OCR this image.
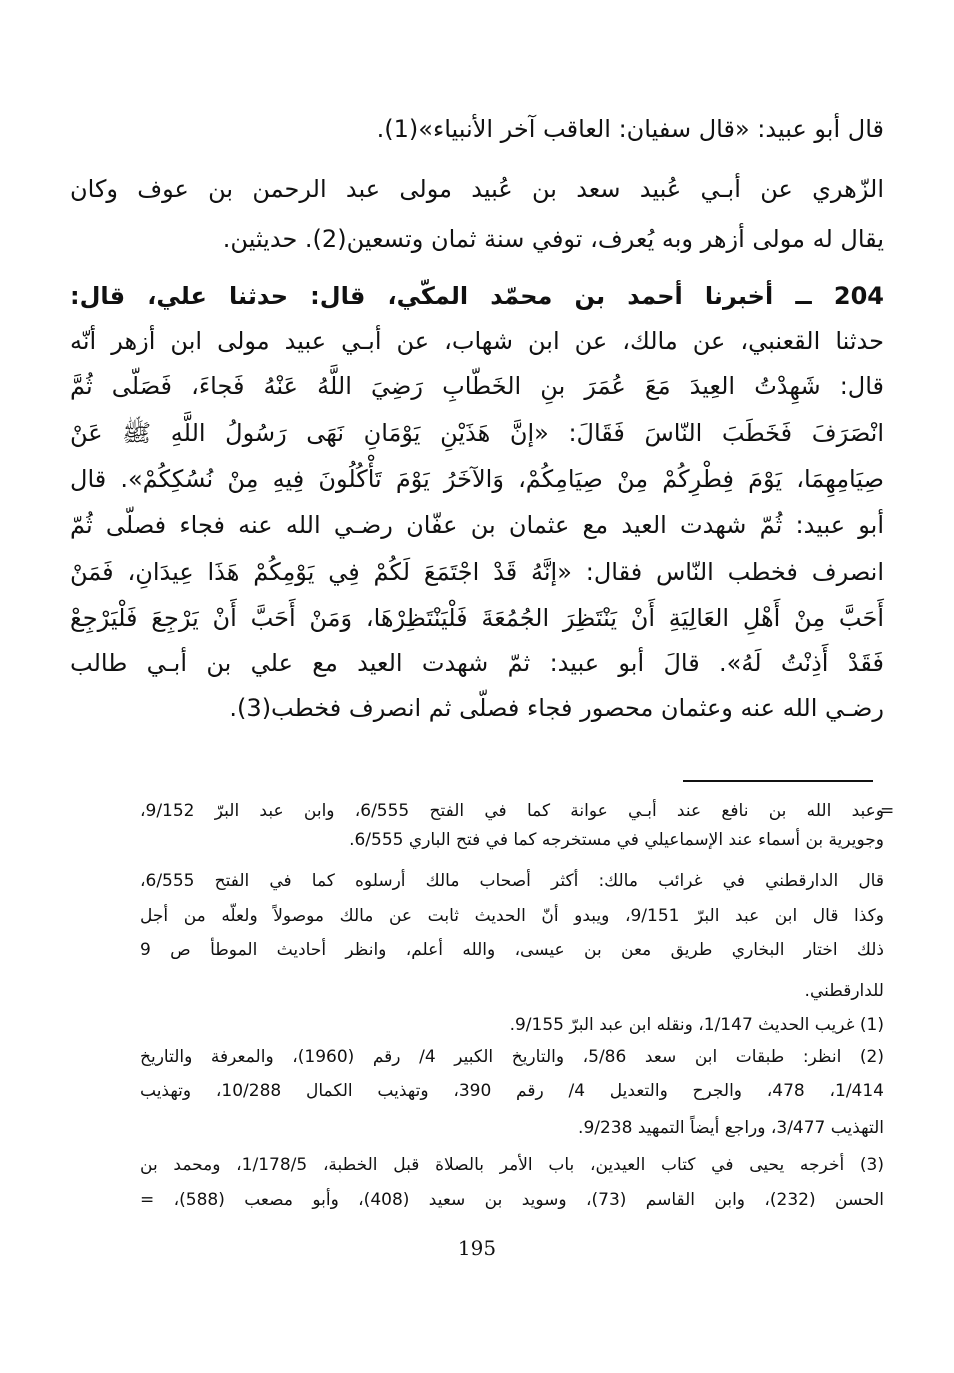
قال أبو عبيد: «قال سفيان: العاقب آخر الأنبياء»(1).
الزّهري عن أبـي عُبيد سعد بن عُبيد مولى عبد الرحمن بن عوف وكان
يقال له مولى أزهر وبه يُعرف، توفي سنة ثمان وتسعين(2). حديثين.
204 ــ أخبرنا أحمد بن محمّد المكّي، قال: حدثنا علي، قال:
حدثنا القعنبي، عن مالك، عن ابن شهاب، عن أبـي عبيد مولى ابن أزهر أنّه
قال: شَهِدْتُ العِيدَ مَعَ عُمَرَ بنِ الخَطّابِ رَضِيَ اللَّهُ عَنْهُ فَجاءَ، فَصَلّى ثُمَّ
انْصَرَفَ فَخَطَبَ النّاسَ فَقَالَ: «إنَّ هَذَيْنِ يَوْمَانِ نَهَى رَسُولُ اللَّهِ ﷺ عَنْ
صِيَامِهِمَا، يَوْمَ فِطْرِكُمْ مِنْ صِيَامِكُمْ، وَالآخَرُ يَوْمَ تَأْكُلُونَ فِيهِ مِنْ نُسُكِكُمْ». قال
أبو عبيد: ثُمّ شهدت العيد مع عثمان بن عفّان رضـي الله عنه فجاء فصلّى ثُمّ
انصرف فخطب النّاس فقال: «إنَّهُ قَدْ اجْتَمَعَ لَكُمْ فِي يَوْمِكُمْ هَذَا عِيدَانِ، فَمَنْ
أَحَبَّ مِنْ أَهْلِ العَالِيَةِ أَنْ يَنْتَظِرَ الجُمُعَةَ فَلْيَنْتَظِرْهَا، وَمَنْ أَحَبَّ أَنْ يَرْجِعَ فَلْيَرْجِعْ
فَقَدْ أَذِنْتُ لَهُ». قالَ أبو عبيد: ثمّ شهدت العيد مع علي بن أبـي طالب
رضـي الله عنه وعثمان محصور فجاء فصلّى ثم انصرف فخطب(3).
=
وعبد الله بن نافع عند أبـي عوانة كما في الفتح 6/555، وابن عبد البرّ 9/152،
وجويرية بن أسماء عند الإسماعيلي في مستخرجه كما في فتح الباري 6/555.
قال الدارقطني في غرائب مالك: أكثر أصحاب مالك أرسلوه كما في الفتح 6/555،
وكذا قال ابن عبد البرّ 9/151، ويبدو أنّ الحديث ثابت عن مالك موصولاً ولعلّه من أجل
ذلك اختار البخاري طريق معن بن عيسى، والله أعلم، وانظر أحاديث الموطأ ص 9
للدارقطني.
(1) غريب الحديث 1/147، ونقله ابن عبد البرّ 9/155.
(2) انظر: طبقات ابن سعد 5/86، والتاريخ الكبير 4/ رقم (1960)، والمعرفة والتاريخ
1/414، 478، والجرح والتعديل 4/ رقم 390، وتهذيب الكمال 10/288، وتهذيب
التهذيب 3/477، وراجع أيضاً التمهيد 9/238.
(3) أخرجه يحيى في كتاب العيدين، باب الأمر بالصلاة قبل الخطبة، 1/178/5، ومحمد بن
الحسن (232)، وابن القاسم (73)، وسويد بن سعيد (408)، وأبو مصعب (588)، =
195
